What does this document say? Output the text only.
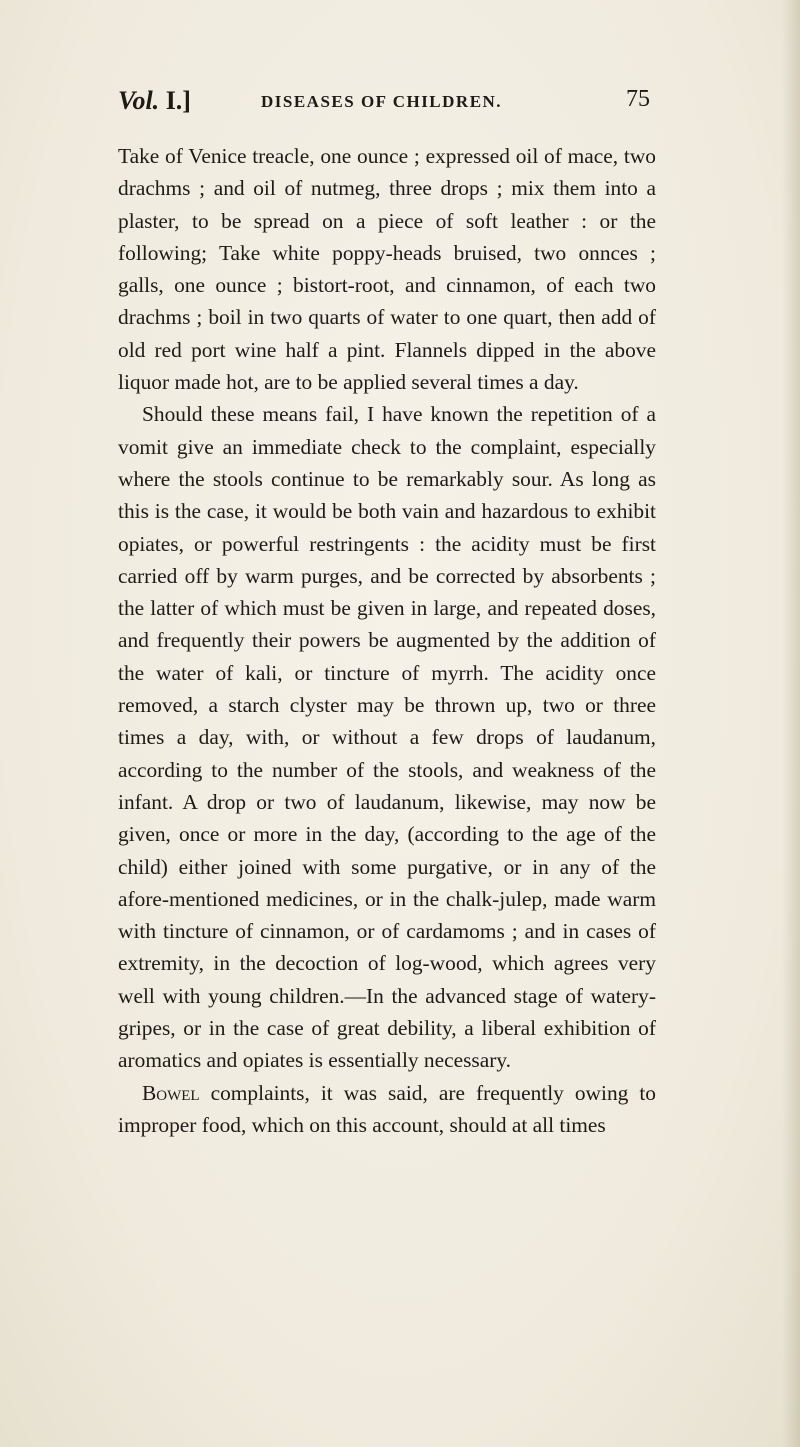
Vol. I.]	DISEASES OF CHILDREN.	75

Take of Venice treacle, one ounce ; expressed oil of mace, two drachms ; and oil of nutmeg, three drops ; mix them into a plaster, to be spread on a piece of soft leather : or the following; Take white poppy-heads bruised, two onnces ; galls, one ounce ; bistort-root, and cinnamon, of each two drachms ; boil in two quarts of water to one quart, then add of old red port wine half a pint. Flannels dipped in the above liquor made hot, are to be applied several times a day.

Should these means fail, I have known the repetition of a vomit give an immediate check to the complaint, especially where the stools continue to be remarkably sour. As long as this is the case, it would be both vain and hazardous to exhibit opiates, or powerful restringents : the acidity must be first carried off by warm purges, and be corrected by absorbents ; the latter of which must be given in large, and repeated doses, and frequently their powers be augmented by the addition of the water of kali, or tincture of myrrh. The acidity once removed, a starch clyster may be thrown up, two or three times a day, with, or without a few drops of laudanum, according to the number of the stools, and weakness of the infant. A drop or two of laudanum, likewise, may now be given, once or more in the day, (according to the age of the child) either joined with some purgative, or in any of the afore-mentioned medicines, or in the chalk-julep, made warm with tincture of cinnamon, or of cardamoms ; and in cases of extremity, in the decoction of log-wood, which agrees very well with young children.—In the advanced stage of watery-gripes, or in the case of great debility, a liberal exhibition of aromatics and opiates is essentially necessary.

Bowel complaints, it was said, are frequently owing to improper food, which on this account, should at all times
